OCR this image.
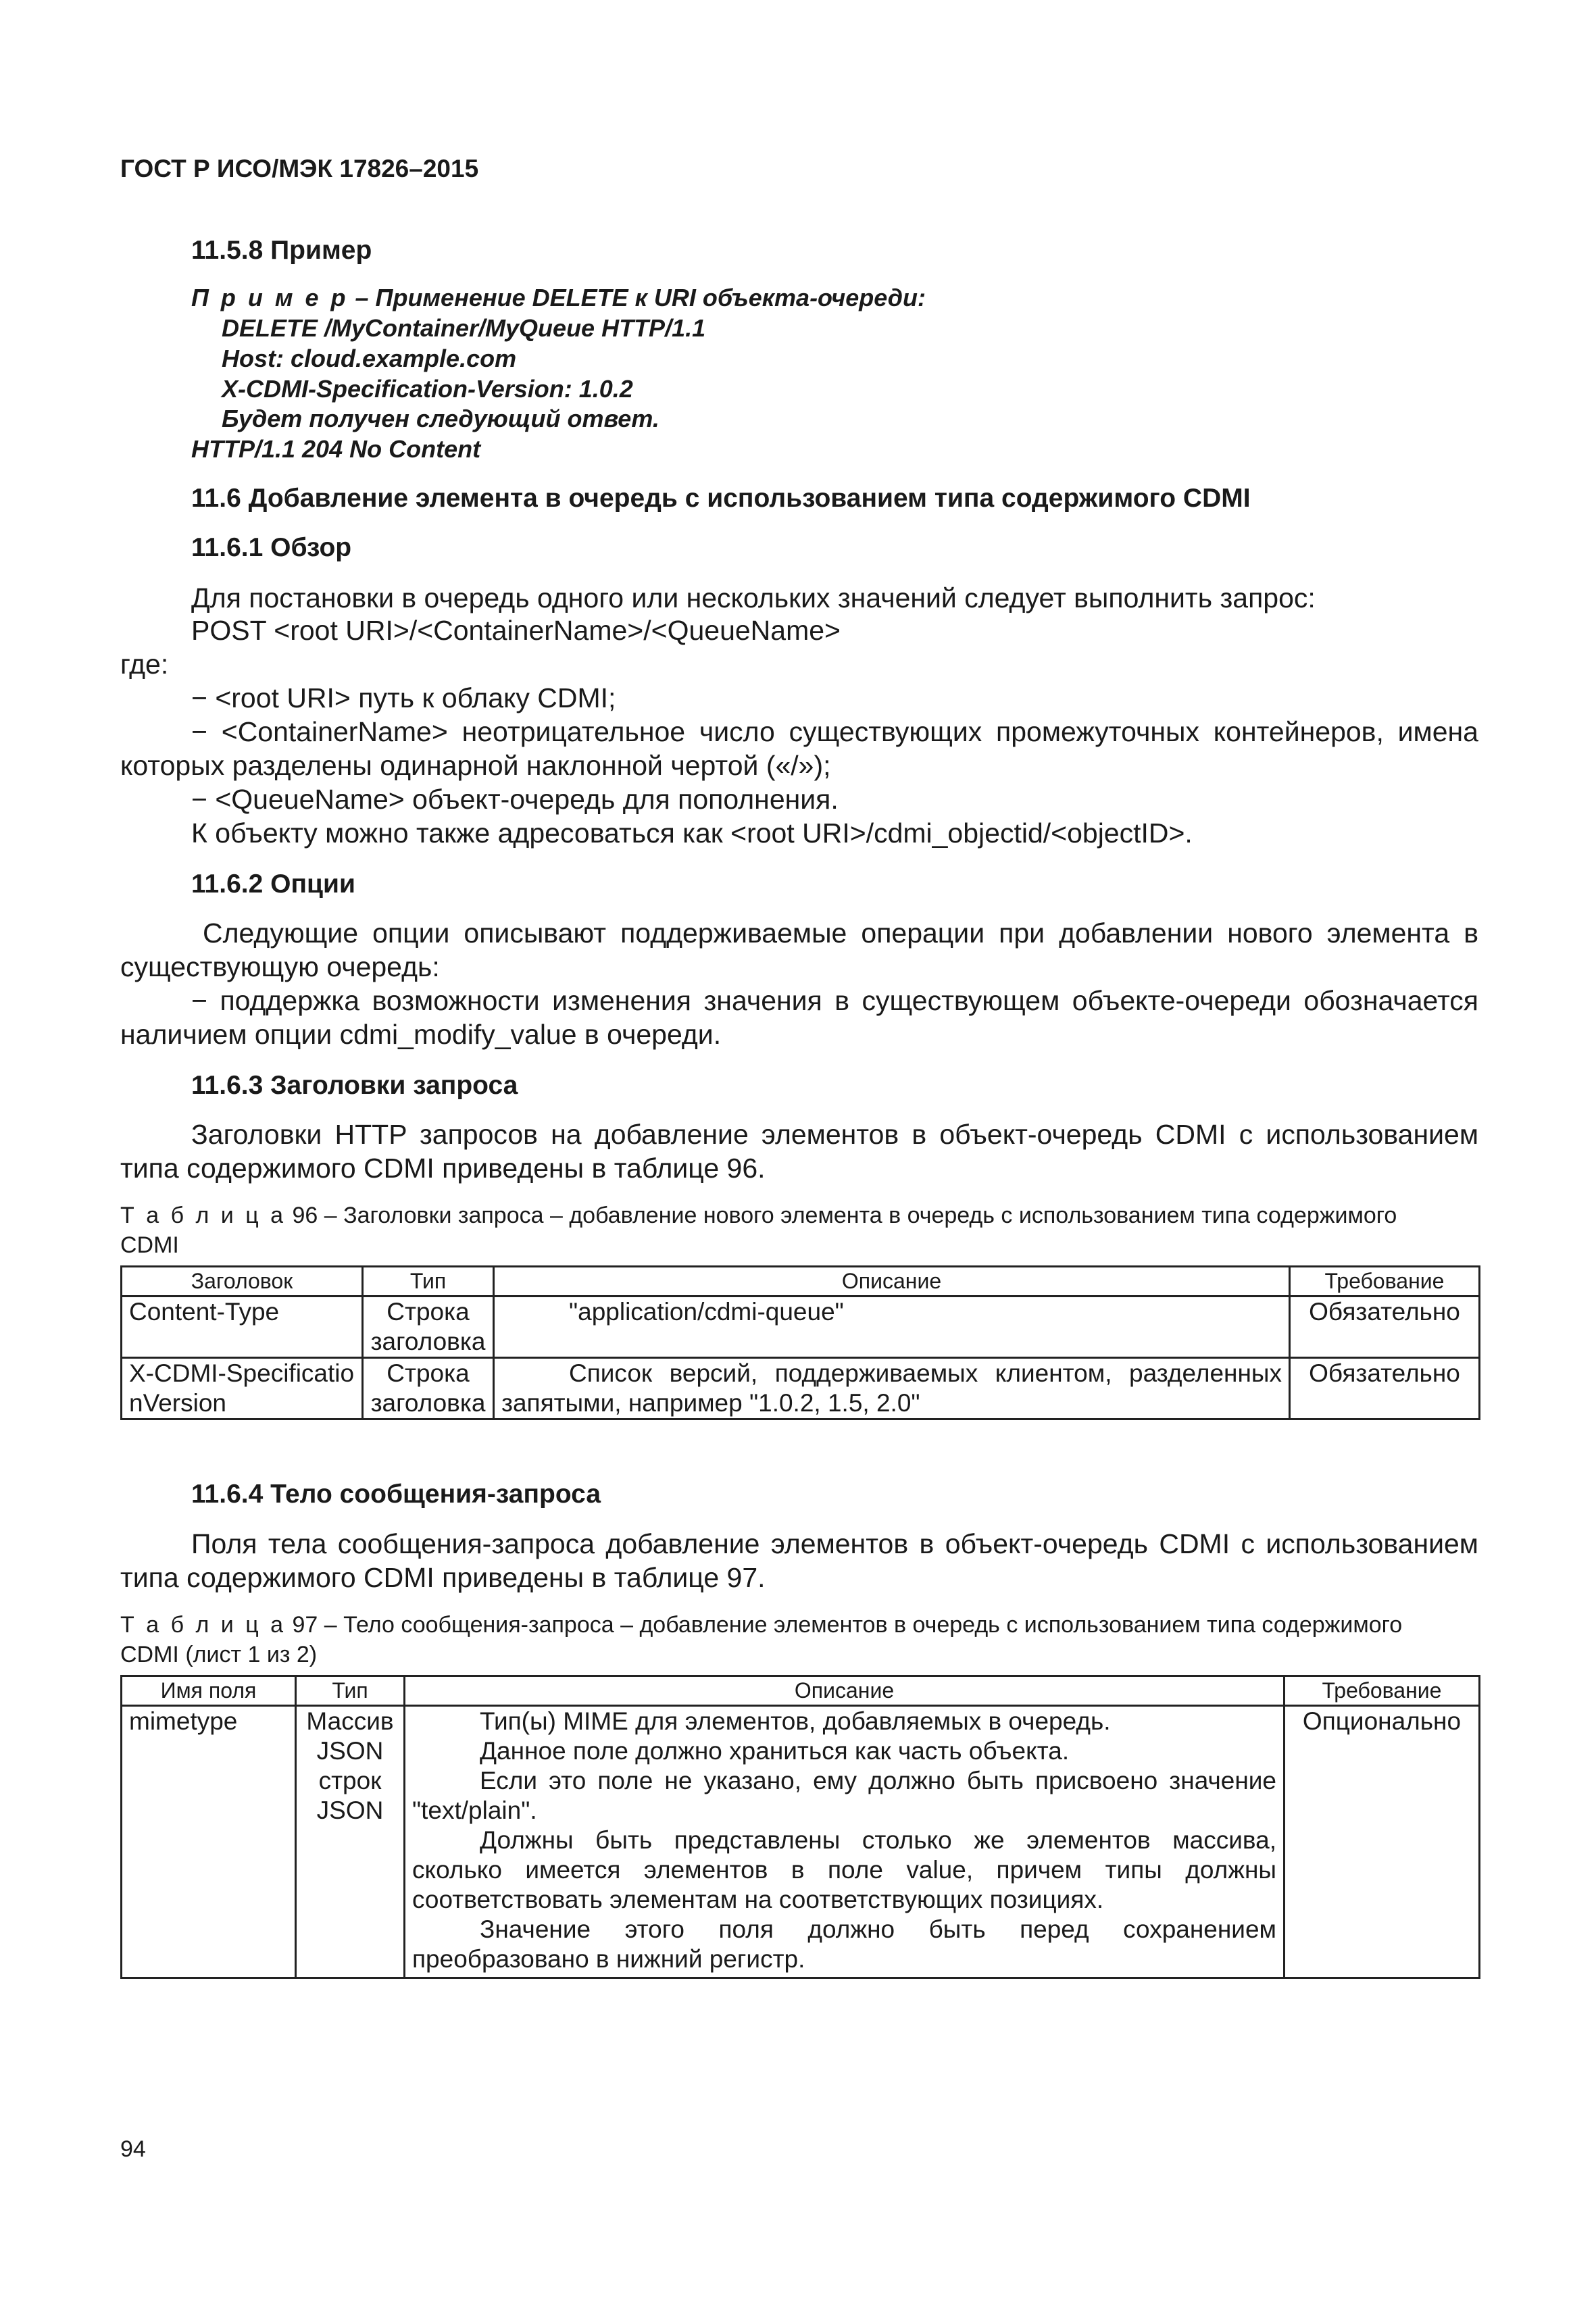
ГОСТ Р ИСО/МЭК 17826–2015
11.5.8 Пример
П р и м е р – Применение DELETE к URI объекта-очереди:
DELETE /MyContainer/MyQueue HTTP/1.1
Host: cloud.example.com
X-CDMI-Specification-Version: 1.0.2
Будет получен следующий ответ.
HTTP/1.1 204 No Content
11.6 Добавление элемента в очередь с использованием типа содержимого CDMI
11.6.1 Обзор
Для постановки в очередь одного или нескольких значений следует выполнить запрос:
POST <root URI>/<ContainerName>/<QueueName>
где:
− <root URI> путь к облаку CDMI;
− <ContainerName> неотрицательное число существующих промежуточных контейнеров, имена
которых разделены одинарной наклонной чертой («/»);
− <QueueName> объект-очередь для пополнения.
К объекту можно также адресоваться как <root URI>/cdmi_objectid/<objectID>.
11.6.2 Опции
Следующие опции описывают поддерживаемые операции при добавлении нового элемента в
существующую очередь:
− поддержка возможности изменения значения в существующем объекте-очереди обозначается
наличием опции cdmi_modify_value в очереди.
11.6.3 Заголовки запроса
Заголовки HTTP запросов на добавление элементов в объект-очередь CDMI с использованием
типа содержимого CDMI приведены в таблице 96.
Т а б л и ц а 96 – Заголовки запроса – добавление нового элемента в очередь с использованием типа содержимого
CDMI
Заголовок	Тип	Описание	Требование
Content-Type	Строка заголовка	"application/cdmi-queue"	Обязательно
X-CDMI-SpecificationVersion	Строка заголовка	Список версий, поддерживаемых клиентом, разделенных запятыми, например "1.0.2, 1.5, 2.0"	Обязательно
11.6.4 Тело сообщения-запроса
Поля тела сообщения-запроса добавление элементов в объект-очередь CDMI с использованием
типа содержимого CDMI приведены в таблице 97.
Т а б л и ц а 97 – Тело сообщения-запроса – добавление элементов в очередь с использованием типа содержимого
CDMI (лист 1 из 2)
Имя поля	Тип	Описание	Требование
mimetype	Массив JSON строк JSON	Тип(ы) MIME для элементов, добавляемых в очередь.

Данное поле должно храниться как часть объекта.

Если это поле не указано, ему должно быть присвоено значение "text/plain".

Должны быть представлены столько же элементов массива, сколько имеется элементов в поле value, причем типы должны соответствовать элементам на соответствующих позициях.

Значение этого поля должно быть перед сохранением преобразовано в нижний регистр.	Опционально
94
